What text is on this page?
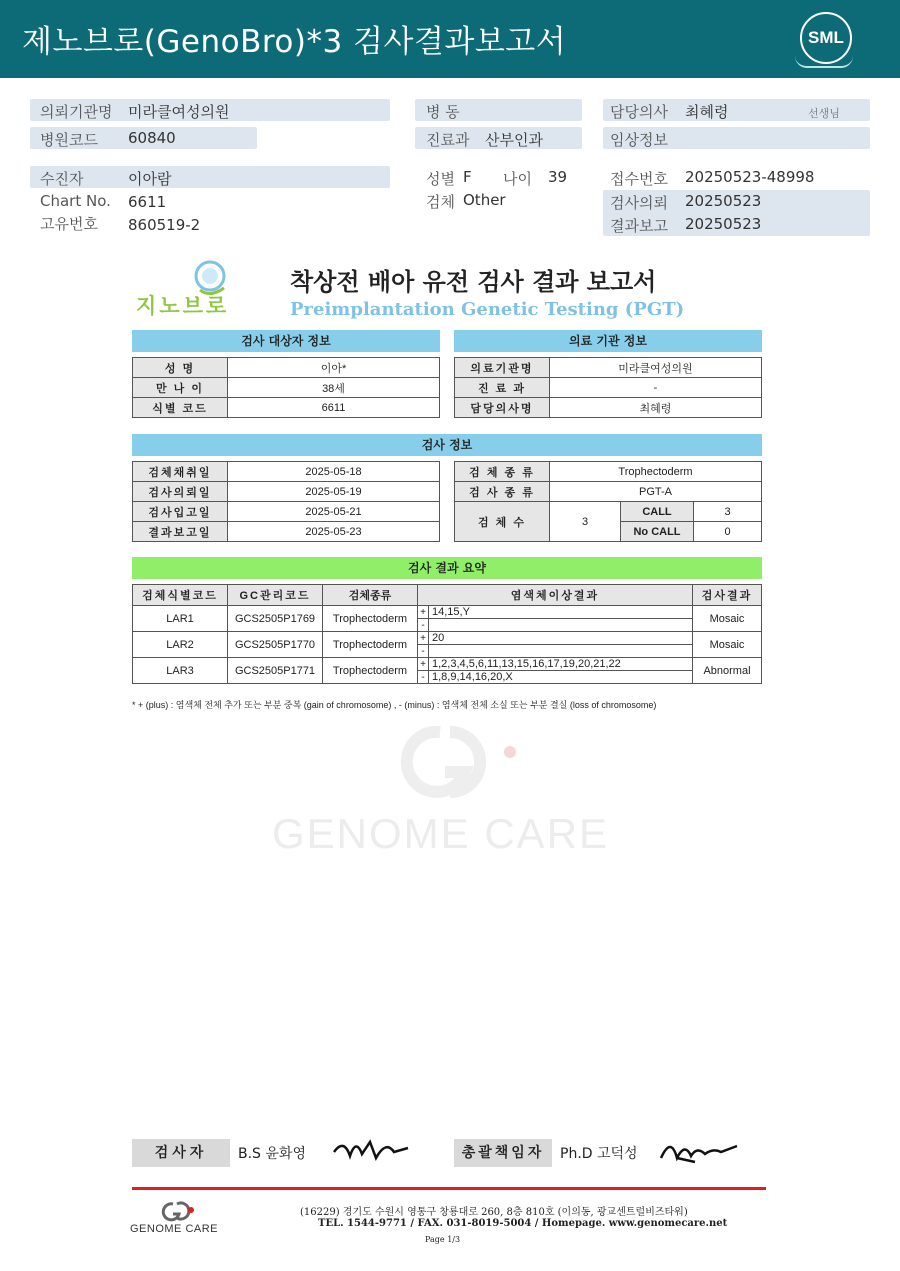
제노브로(GenoBro)*3 검사결과보고서	SML
의뢰기관명 미라클여성의원
병원코드 60840
수진자	이아람
Chart No. 6611
고유번호 860519-2
병 동
진료과 산부인과
성별 F 나이 39
검체 Other
담당의사 최혜령	선생님
임상정보
접수번호 20250523-48998
검사의뢰 20250523
결과보고 20250523
지노브로
착상전 배아 유전 검사 결과 보고서
Preimplantation Genetic Testing (PGT)
검사 대상자 정보
성 명	이아*
만 나 이	38세
식별 코드	6611
의료 기관 정보
의료기관명	미라클여성의원
진 료 과	-
담당의사명	최혜령
검사 정보
검체채취일	2025-05-18
검사의뢰일	2025-05-19
검사입고일	2025-05-21
결과보고일	2025-05-23
검 체 종 류	Trophectoderm		
검 사 종 류	PGT-A		
검 체 수	3	CALL	3
		No CALL	0
검사 결과 요약
검체식별코드	GC관리코드	검체종류	염색체이상결과		검사결과
LAR1	GCS2505P1769	Trophectoderm	+	14,15,Y	Mosaic
			-		
LAR2	GCS2505P1770	Trophectoderm	+	20	Mosaic
			-		
LAR3	GCS2505P1771	Trophectoderm	+	1,2,3,4,5,6,11,13,15,16,17,19,20,21,22	Abnormal
			-	1,8,9,14,16,20,X	
* + (plus) : 염색체 전체 추가 또는 부분 중복 (gain of chromosome) , - (minus) : 염색체 전체 소실 또는 부분 결실 (loss of chromosome)
GENOME CARE
검사자	B.S 윤화영	총괄책임자	Ph.D 고덕성
GENOME CARE
(16229) 경기도 수원시 영통구 창룡대로 260, 8층 810호 (이의동, 광교센트럴비즈타워)
TEL. 1544-9771 / FAX. 031-8019-5004 / Homepage. www.genomecare.net
Page 1/3
